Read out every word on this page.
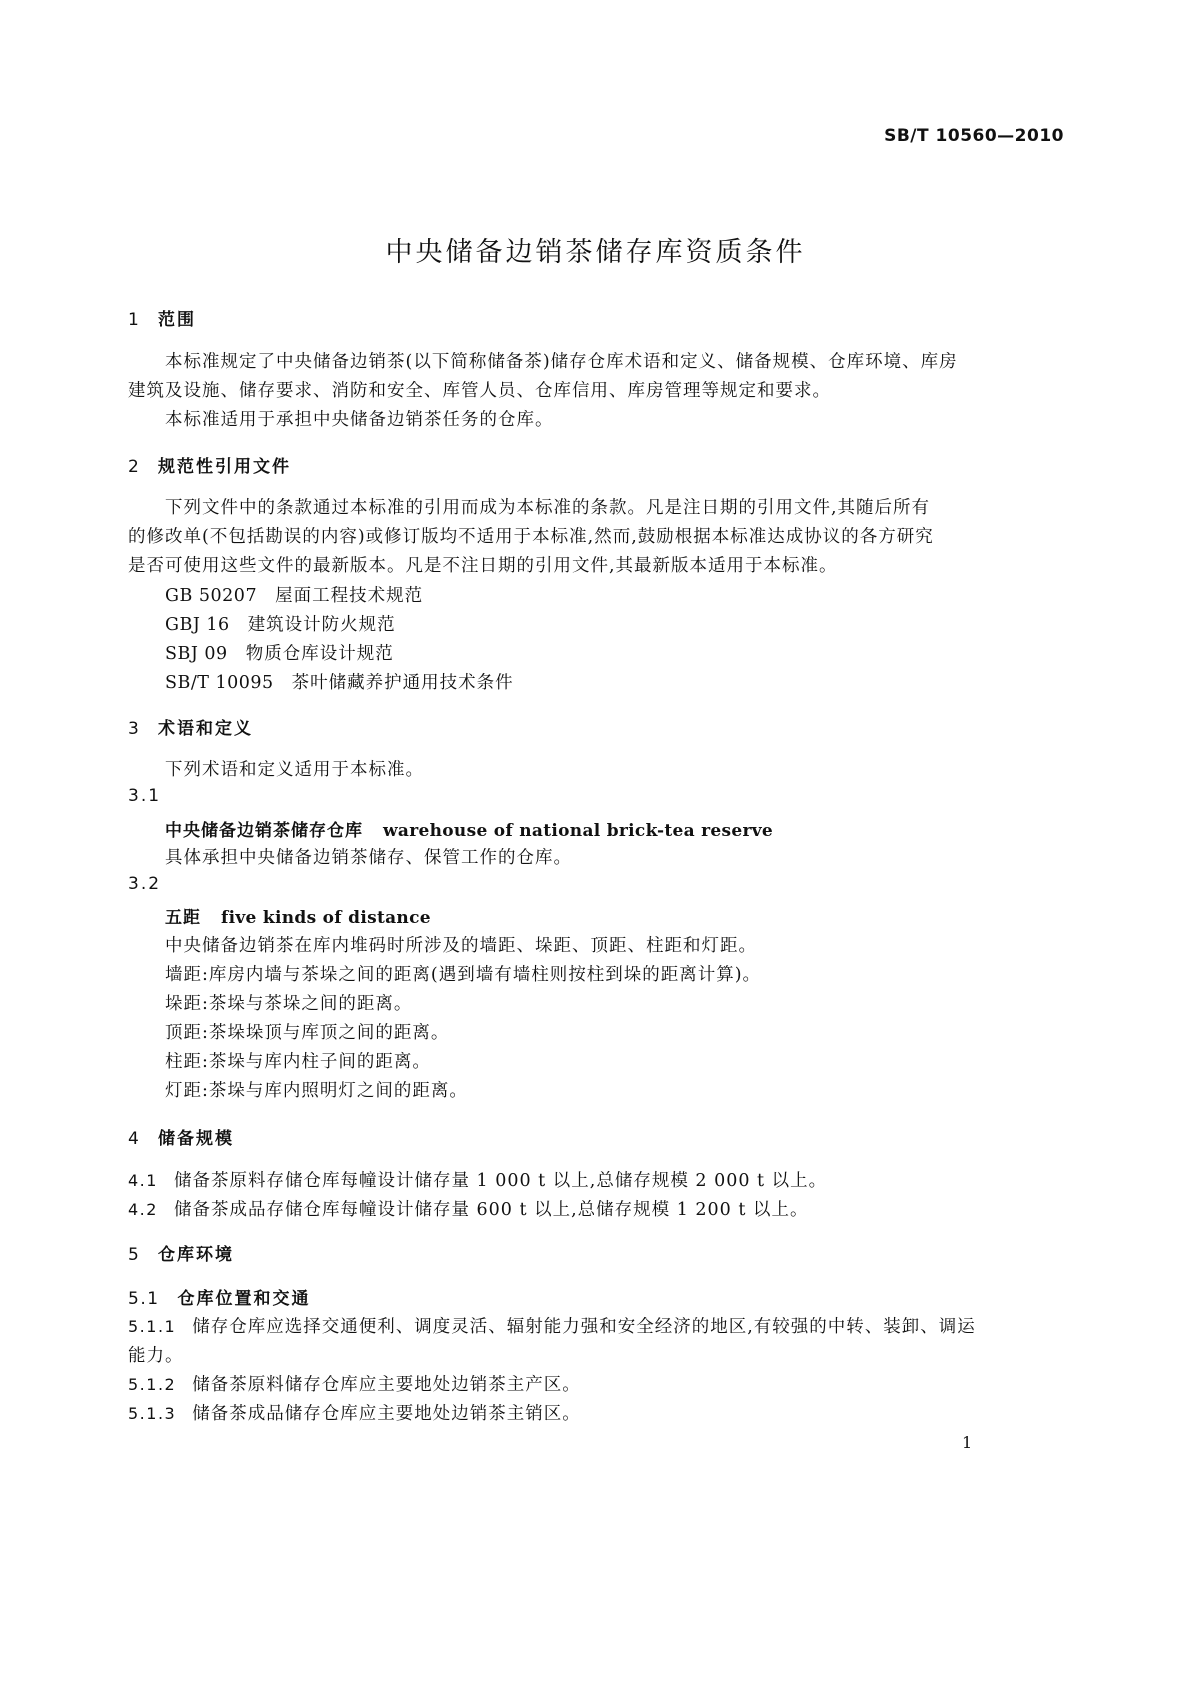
SB/T 10560—2010
中央储备边销茶储存库资质条件
1 范围
本标准规定了中央储备边销茶(以下简称储备茶)储存仓库术语和定义、储备规模、仓库环境、库房
建筑及设施、储存要求、消防和安全、库管人员、仓库信用、库房管理等规定和要求。
本标准适用于承担中央储备边销茶任务的仓库。
2 规范性引用文件
下列文件中的条款通过本标准的引用而成为本标准的条款。凡是注日期的引用文件,其随后所有
的修改单(不包括勘误的内容)或修订版均不适用于本标准,然而,鼓励根据本标准达成协议的各方研究
是否可使用这些文件的最新版本。凡是不注日期的引用文件,其最新版本适用于本标准。
GB 50207 屋面工程技术规范
GBJ 16 建筑设计防火规范
SBJ 09 物质仓库设计规范
SB/T 10095 茶叶储藏养护通用技术条件
3 术语和定义
下列术语和定义适用于本标准。
3.1
中央储备边销茶储存仓库 warehouse of national brick-tea reserve
具体承担中央储备边销茶储存、保管工作的仓库。
3.2
五距 five kinds of distance
中央储备边销茶在库内堆码时所涉及的墙距、垛距、顶距、柱距和灯距。
墙距:库房内墙与茶垛之间的距离(遇到墙有墙柱则按柱到垛的距离计算)。
垛距:茶垛与茶垛之间的距离。
顶距:茶垛垛顶与库顶之间的距离。
柱距:茶垛与库内柱子间的距离。
灯距:茶垛与库内照明灯之间的距离。
4 储备规模
4.1 储备茶原料存储仓库每幢设计储存量 1 000 t 以上,总储存规模 2 000 t 以上。
4.2 储备茶成品存储仓库每幢设计储存量 600 t 以上,总储存规模 1 200 t 以上。
5 仓库环境
5.1 仓库位置和交通
5.1.1 储存仓库应选择交通便利、调度灵活、辐射能力强和安全经济的地区,有较强的中转、装卸、调运
能力。
5.1.2 储备茶原料储存仓库应主要地处边销茶主产区。
5.1.3 储备茶成品储存仓库应主要地处边销茶主销区。
1
